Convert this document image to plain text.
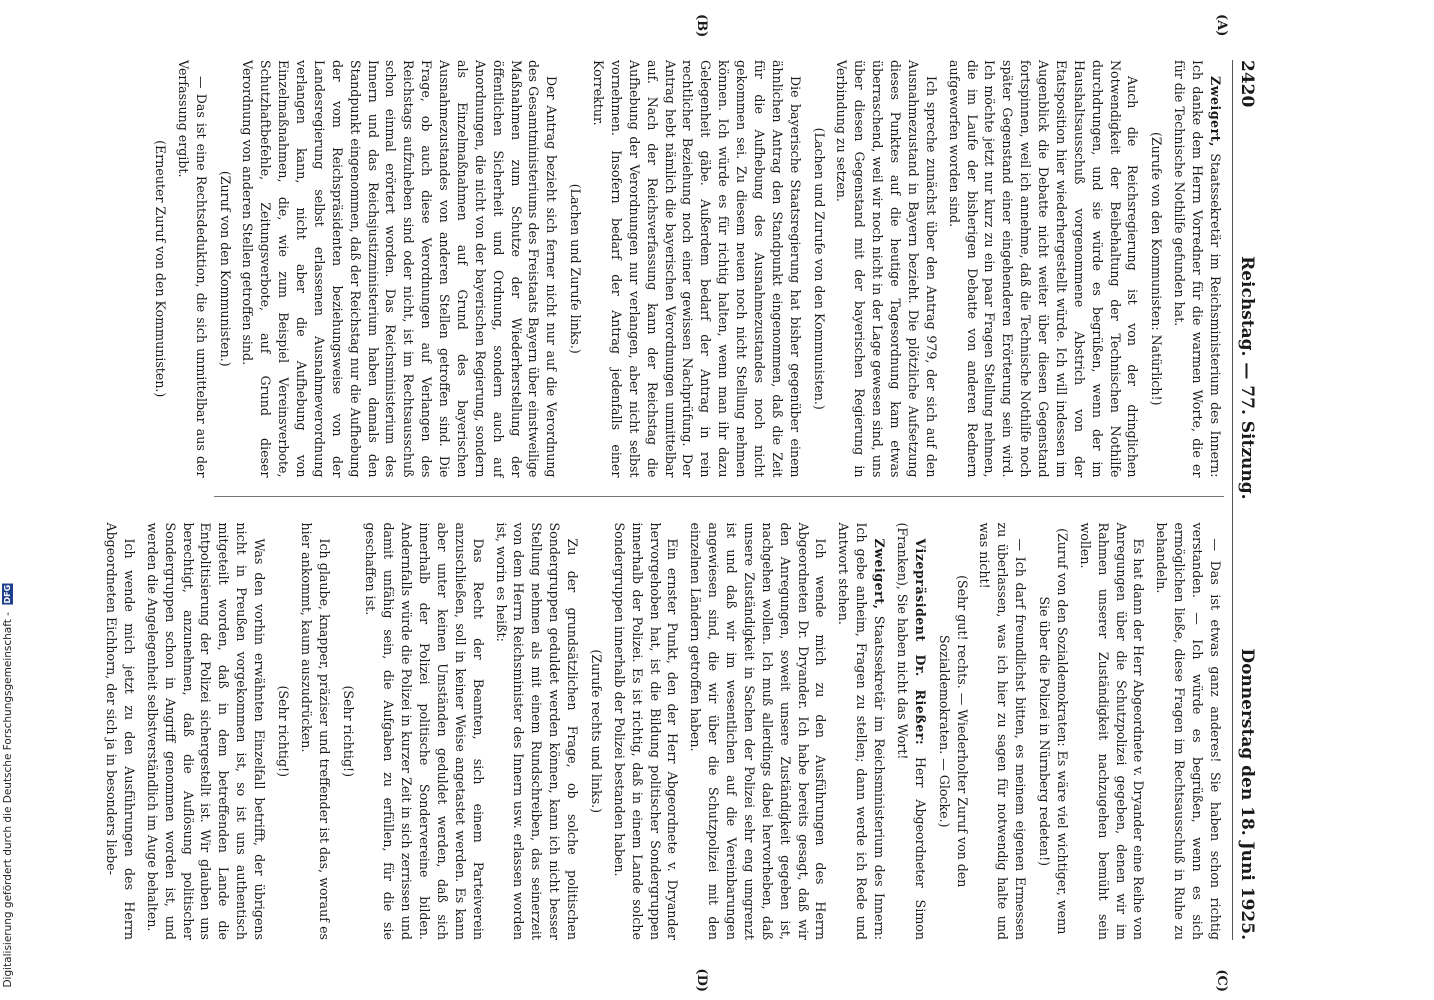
Digitalisierung gefördert durch die Deutsche Forschungsgemeinschaft - DFG
2420
Reichstag. — 77. Sitzung.
Donnerstag den 18. Juni 1925.

Zweigert, Staatssekretär im Reichsministerium des Innern: Ich danke dem Herrn Vorredner für die warmen Worte, die er für die Technische Nothilfe gefunden hat.

(Zurufe von den Kommunisten: Natürlich!)

Auch die Reichsregierung ist von der dringlichen Notwendigkeit der Beibehaltung der Technischen Nothilfe durchdrungen, und sie würde es begrüßen, wenn der im Haushaltsausschuß vorgenommene Abstrich von der Etatsposition hier wiederhergestellt würde. Ich will indessen im Augenblick die Debatte nicht weiter über diesen Gegenstand fortspinnen, weil ich annehme, daß die Technische Nothilfe noch später Gegenstand einer eingehenderen Erörterung sein wird. Ich möchte jetzt nur kurz zu ein paar Fragen Stellung nehmen, die im Laufe der bisherigen Debatte von anderen Rednern aufgeworfen worden sind.

Ich spreche zunächst über den Antrag 979, der sich auf den Ausnahmezustand in Bayern bezieht. Die plötzliche Aufsetzung dieses Punktes auf die heutige Tagesordnung kam etwas überraschend, weil wir noch nicht in der Lage gewesen sind, uns über diesen Gegenstand mit der bayerischen Regierung in Verbindung zu setzen.

(Lachen und Zurufe von den Kommunisten.)

Die bayerische Staatsregierung hat bisher gegenüber einem ähnlichen Antrag den Standpunkt eingenommen, daß die Zeit für die Aufhebung des Ausnahmezustandes noch nicht gekommen sei. Zu diesem neuen noch nicht Stellung nehmen können. Ich würde es für richtig halten, wenn man ihr dazu Gelegenheit gäbe. Außerdem bedarf der Antrag in rein rechtlicher Beziehung noch einer gewissen Nachprüfung. Der Antrag hebt nämlich die bayerischen Verordnungen unmittelbar auf. Nach der Reichsverfassung kann der Reichstag die Aufhebung der Verordnungen nur verlangen, aber nicht selbst vornehmen. Insofern bedarf der Antrag jedenfalls einer Korrektur.

(Lachen und Zurufe links.)

Der Antrag bezieht sich ferner nicht nur auf die Verordnung des Gesamtministeriums des Freistaats Bayern über einstweilige Maßnahmen zum Schutze der Wiederherstellung der öffentlichen Sicherheit und Ordnung, sondern auch auf Anordnungen, die nicht von der bayerischen Regierung, sondern als Einzelmaßnahmen auf Grund des bayerischen Ausnahmezustandes von anderen Stellen getroffen sind. Die Frage, ob auch diese Verordnungen auf Verlangen des Reichstags aufzuheben sind oder nicht, ist im Rechtsausschuß schon einmal erörtert worden. Das Reichsministerium des Innern und das Reichsjustizministerium haben damals den Standpunkt eingenommen, daß der Reichstag nur die Aufhebung der vom Reichspräsidenten beziehungsweise von der Landesregierung selbst erlassenen Ausnahmeverordnung verlangen kann, nicht aber die Aufhebung von Einzelmaßnahmen, die, wie zum Beispiel Vereinsverbote, Schutzhaftbefehle, Zeitungsverbote, auf Grund dieser Verordnung von anderen Stellen getroffen sind.

(Zuruf von den Kommunisten.)

— Das ist eine Rechtsdeduktion, die sich unmittelbar aus der Verfassung ergibt.

(Erneuter Zuruf von den Kommunisten.)

— Das ist etwas ganz anderes! Sie haben schon richtig verstanden. — Ich würde es begrüßen, wenn es sich ermöglichen ließe, diese Fragen im Rechtsausschuß in Ruhe zu behandeln.

Es hat dann der Herr Abgeordnete v. Dryander eine Reihe von Anregungen über die Schutzpolizei gegeben, denen wir im Rahmen unserer Zuständigkeit nachzugehen bemüht sein wollen.

(Zuruf von den Sozialdemokraten: Es wäre viel wichtiger, wenn Sie über die Polizei in Nürnberg redeten!)

— Ich darf freundlichst bitten, es meinem eigenen Ermessen zu überlassen, was ich hier zu sagen für notwendig halte und was nicht!

(Sehr gut! rechts. — Wiederholter Zuruf von den Sozialdemokraten. — Glocke.)

Vizepräsident Dr. Rießer: Herr Abgeordneter Simon (Franken), Sie haben nicht das Wort!

Zweigert, Staatssekretär im Reichsministerium des Innern: Ich gebe anheim, Fragen zu stellen; dann werde ich Rede und Antwort stehen.

Ich wende mich zu den Ausführungen des Herrn Abgeordneten Dr. Dryander. Ich habe bereits gesagt, daß wir den Anregungen, soweit unsere Zuständigkeit gegeben ist, nachgehen wollen. Ich muß allerdings dabei hervorheben, daß unsere Zuständigkeit in Sachen der Polizei sehr eng umgrenzt ist und daß wir im wesentlichen auf die Vereinbarungen angewiesen sind, die wir über die Schutzpolizei mit den einzelnen Ländern getroffen haben.

Ein ernster Punkt, den der Herr Abgeordnete v. Dryander hervorgehoben hat, ist die Bildung politischer Sondergruppen innerhalb der Polizei. Es ist richtig, daß in einem Lande solche Sondergruppen innerhalb der Polizei bestanden haben.

(Zurufe rechts und links.)

Zu der grundsätzlichen Frage, ob solche politischen Sondergruppen geduldet werden können, kann ich nicht besser Stellung nehmen als mit einem Rundschreiben, das seinerzeit von dem Herrn Reichsminister des Innern usw. erlassen worden ist, worin es heißt:

Das Recht der Beamten, sich einem Parteiverein anzuschließen, soll in keiner Weise angetastet werden. Es kann aber unter keinen Umständen geduldet werden, daß sich innerhalb der Polizei politische Sondervereine bilden. Andernfalls würde die Polizei in kurzer Zeit in sich zerrissen und damit unfähig sein, die Aufgaben zu erfüllen, für die sie geschaffen ist.

(Sehr richtig!)

Ich glaube, knapper, präziser und treffender ist das, worauf es hier ankommt, kaum auszudrücken.

(Sehr richtig!)

Was den vorhin erwähnten Einzelfall betrifft, der übrigens nicht in Preußen vorgekommen ist, so ist uns authentisch mitgeteilt worden, daß in dem betreffenden Lande die Entpolitisierung der Polizei sichergestellt ist. Wir glauben uns berechtigt, anzunehmen, daß die Auflösung politischer Sondergruppen schon in Angriff genommen worden ist, und werden die Angelegenheit selbstverständlich im Auge behalten.

Ich wende mich jetzt zu den Ausführungen des Herrn Abgeordneten Eichhorn, der sich ja in besonders liebe-

(A)
(B)
(C)
(D)
